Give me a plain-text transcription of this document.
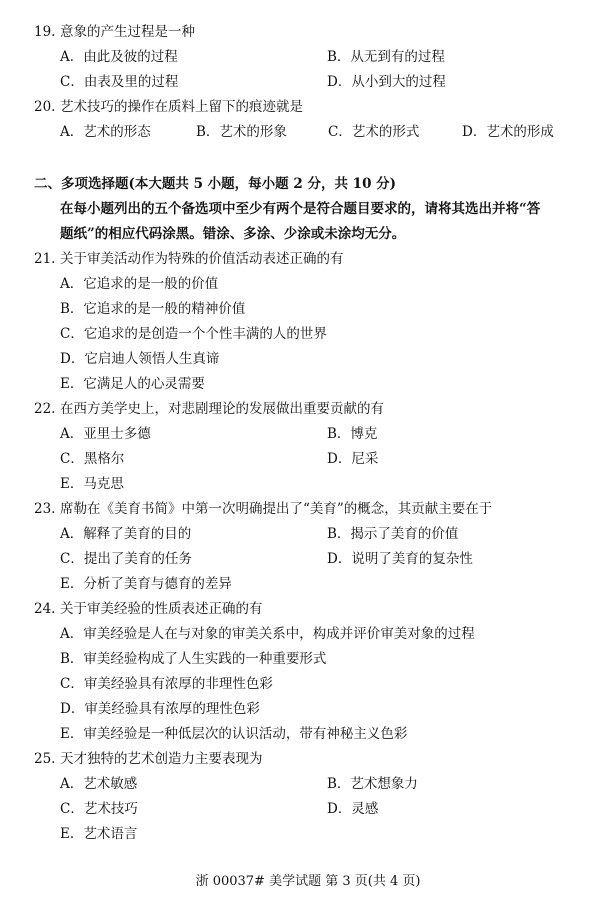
19. 意象的产生过程是一种
A．由此及彼的过程	B．从无到有的过程
C．由表及里的过程	D．从小到大的过程
20. 艺术技巧的操作在质料上留下的痕迹就是
A．艺术的形态	B．艺术的形象	C．艺术的形式	D．艺术的形成
二、多项选择题(本大题共 5 小题，每小题 2 分，共 10 分)
在每小题列出的五个备选项中至少有两个是符合题目要求的，请将其选出并将“答
题纸”的相应代码涂黑。错涂、多涂、少涂或未涂均无分。
21. 关于审美活动作为特殊的价值活动表述正确的有
A．它追求的是一般的价值
B．它追求的是一般的精神价值
C．它追求的是创造一个个性丰满的人的世界
D．它启迪人领悟人生真谛
E．它满足人的心灵需要
22. 在西方美学史上，对悲剧理论的发展做出重要贡献的有
A．亚里士多德	B．博克
C．黑格尔	D．尼采
E．马克思
23. 席勒在《美育书简》中第一次明确提出了“美育”的概念，其贡献主要在于
A．解释了美育的目的	B．揭示了美育的价值
C．提出了美育的任务	D．说明了美育的复杂性
E．分析了美育与德育的差异
24. 关于审美经验的性质表述正确的有
A．审美经验是人在与对象的审美关系中，构成并评价审美对象的过程
B．审美经验构成了人生实践的一种重要形式
C．审美经验具有浓厚的非理性色彩
D．审美经验具有浓厚的理性色彩
E．审美经验是一种低层次的认识活动，带有神秘主义色彩
25. 天才独特的艺术创造力主要表现为
A．艺术敏感	B．艺术想象力
C．艺术技巧	D．灵感
E．艺术语言
浙 00037# 美学试题 第 3 页(共 4 页)
